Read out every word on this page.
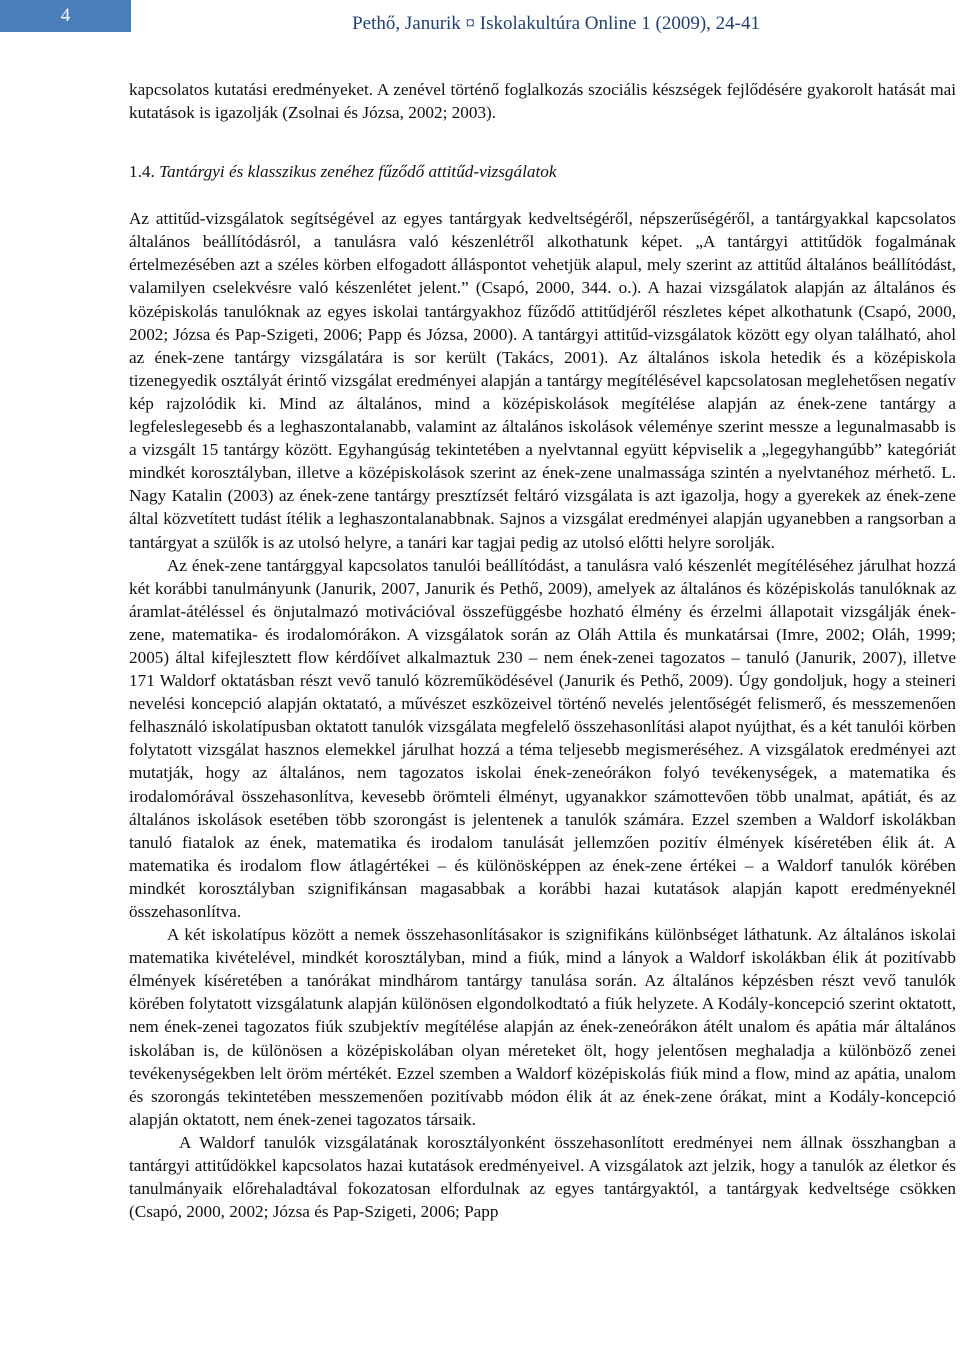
4	Pethő, Janurik ¤ Iskolakultúra Online 1 (2009), 24-41

kapcsolatos kutatási eredményeket. A zenével történő foglalkozás szociális készségek fejlődésére gyakorolt hatását mai kutatások is igazolják (Zsolnai és Józsa, 2002; 2003).

1.4. Tantárgyi és klasszikus zenéhez fűződő attitűd-vizsgálatok

Az attitűd-vizsgálatok segítségével az egyes tantárgyak kedveltségéről, népszerűségéről, a tantárgyakkal kapcsolatos általános beállítódásról, a tanulásra való készenlétről alkothatunk képet. „A tantárgyi attitűdök fogalmának értelmezésében azt a széles körben elfogadott álláspontot vehetjük alapul, mely szerint az attitűd általános beállítódást, valamilyen cselekvésre való készenlétet jelent.” (Csapó, 2000, 344. o.). A hazai vizsgálatok alapján az általános és középiskolás tanulóknak az egyes iskolai tantárgyakhoz fűződő attitűdjéről részletes képet alkothatunk (Csapó, 2000, 2002; Józsa és Pap-Szigeti, 2006; Papp és Józsa, 2000). A tantárgyi attitűd-vizsgálatok között egy olyan található, ahol az ének-zene tantárgy vizsgálatára is sor került (Takács, 2001). Az általános iskola hetedik és a középiskola tizenegyedik osztályát érintő vizsgálat eredményei alapján a tantárgy megítélésével kapcsolatosan meglehetősen negatív kép rajzolódik ki. Mind az általános, mind a középiskolások megítélése alapján az ének-zene tantárgy a legfeleslegesebb és a leghaszontalanabb, valamint az általános iskolások véleménye szerint messze a legunalmasabb is a vizsgált 15 tantárgy között. Egyhangúság tekintetében a nyelvtannal együtt képviselik a „legegyhangúbb” kategóriát mindkét korosztályban, illetve a középiskolások szerint az ének-zene unalmassága szintén a nyelvtanéhoz mérhető. L. Nagy Katalin (2003) az ének-zene tantárgy presztízsét feltáró vizsgálata is azt igazolja, hogy a gyerekek az ének-zene által közvetített tudást ítélik a leghaszontalanabbnak. Sajnos a vizsgálat eredményei alapján ugyanebben a rangsorban a tantárgyat a szülők is az utolsó helyre, a tanári kar tagjai pedig az utolsó előtti helyre sorolják.

Az ének-zene tantárggyal kapcsolatos tanulói beállítódást, a tanulásra való készenlét megítéléséhez járulhat hozzá két korábbi tanulmányunk (Janurik, 2007, Janurik és Pethő, 2009), amelyek az általános és középiskolás tanulóknak az áramlat-átéléssel és önjutalmazó motivációval összefüggésbe hozható élmény és érzelmi állapotait vizsgálják ének-zene, matematika- és irodalomórákon. A vizsgálatok során az Oláh Attila és munkatársai (Imre, 2002; Oláh, 1999; 2005) által kifejlesztett flow kérdőívet alkalmaztuk 230 – nem ének-zenei tagozatos – tanuló (Janurik, 2007), illetve 171 Waldorf oktatásban részt vevő tanuló közreműködésével (Janurik és Pethő, 2009). Úgy gondoljuk, hogy a steineri nevelési koncepció alapján oktatató, a művészet eszközeivel történő nevelés jelentőségét felismerő, és messzemenően felhasználó iskolatípusban oktatott tanulók vizsgálata megfelelő összehasonlítási alapot nyújthat, és a két tanulói körben folytatott vizsgálat hasznos elemekkel járulhat hozzá a téma teljesebb megismeréséhez. A vizsgálatok eredményei azt mutatják, hogy az általános, nem tagozatos iskolai ének-zeneórákon folyó tevékenységek, a matematika és irodalomórával összehasonlítva, kevesebb örömteli élményt, ugyanakkor számottevően több unalmat, apátiát, és az általános iskolások esetében több szorongást is jelentenek a tanulók számára. Ezzel szemben a Waldorf iskolákban tanuló fiatalok az ének, matematika és irodalom tanulását jellemzően pozitív élmények kíséretében élik át. A matematika és irodalom flow átlagértékei – és különösképpen az ének-zene értékei – a Waldorf tanulók körében mindkét korosztályban szignifikánsan magasabbak a korábbi hazai kutatások alapján kapott eredményeknél összehasonlítva.

A két iskolatípus között a nemek összehasonlításakor is szignifikáns különbséget láthatunk. Az általános iskolai matematika kivételével, mindkét korosztályban, mind a fiúk, mind a lányok a Waldorf iskolákban élik át pozitívabb élmények kíséretében a tanórákat mindhárom tantárgy tanulása során. Az általános képzésben részt vevő tanulók körében folytatott vizsgálatunk alapján különösen elgondolkodtató a fiúk helyzete. A Kodály-koncepció szerint oktatott, nem ének-zenei tagozatos fiúk szubjektív megítélése alapján az ének-zeneórákon átélt unalom és apátia már általános iskolában is, de különösen a középiskolában olyan méreteket ölt, hogy jelentősen meghaladja a különböző zenei tevékenységekben lelt öröm mértékét. Ezzel szemben a Waldorf középiskolás fiúk mind a flow, mind az apátia, unalom és szorongás tekintetében messzemenően pozitívabb módon élik át az ének-zene órákat, mint a Kodály-koncepció alapján oktatott, nem ének-zenei tagozatos társaik.

A Waldorf tanulók vizsgálatának korosztályonként összehasonlított eredményei nem állnak összhangban a tantárgyi attitűdökkel kapcsolatos hazai kutatások eredményeivel. A vizsgálatok azt jelzik, hogy a tanulók az életkor és tanulmányaik előrehaladtával fokozatosan elfordulnak az egyes tantárgyaktól, a tantárgyak kedveltsége csökken (Csapó, 2000, 2002; Józsa és Pap-Szigeti, 2006; Papp
